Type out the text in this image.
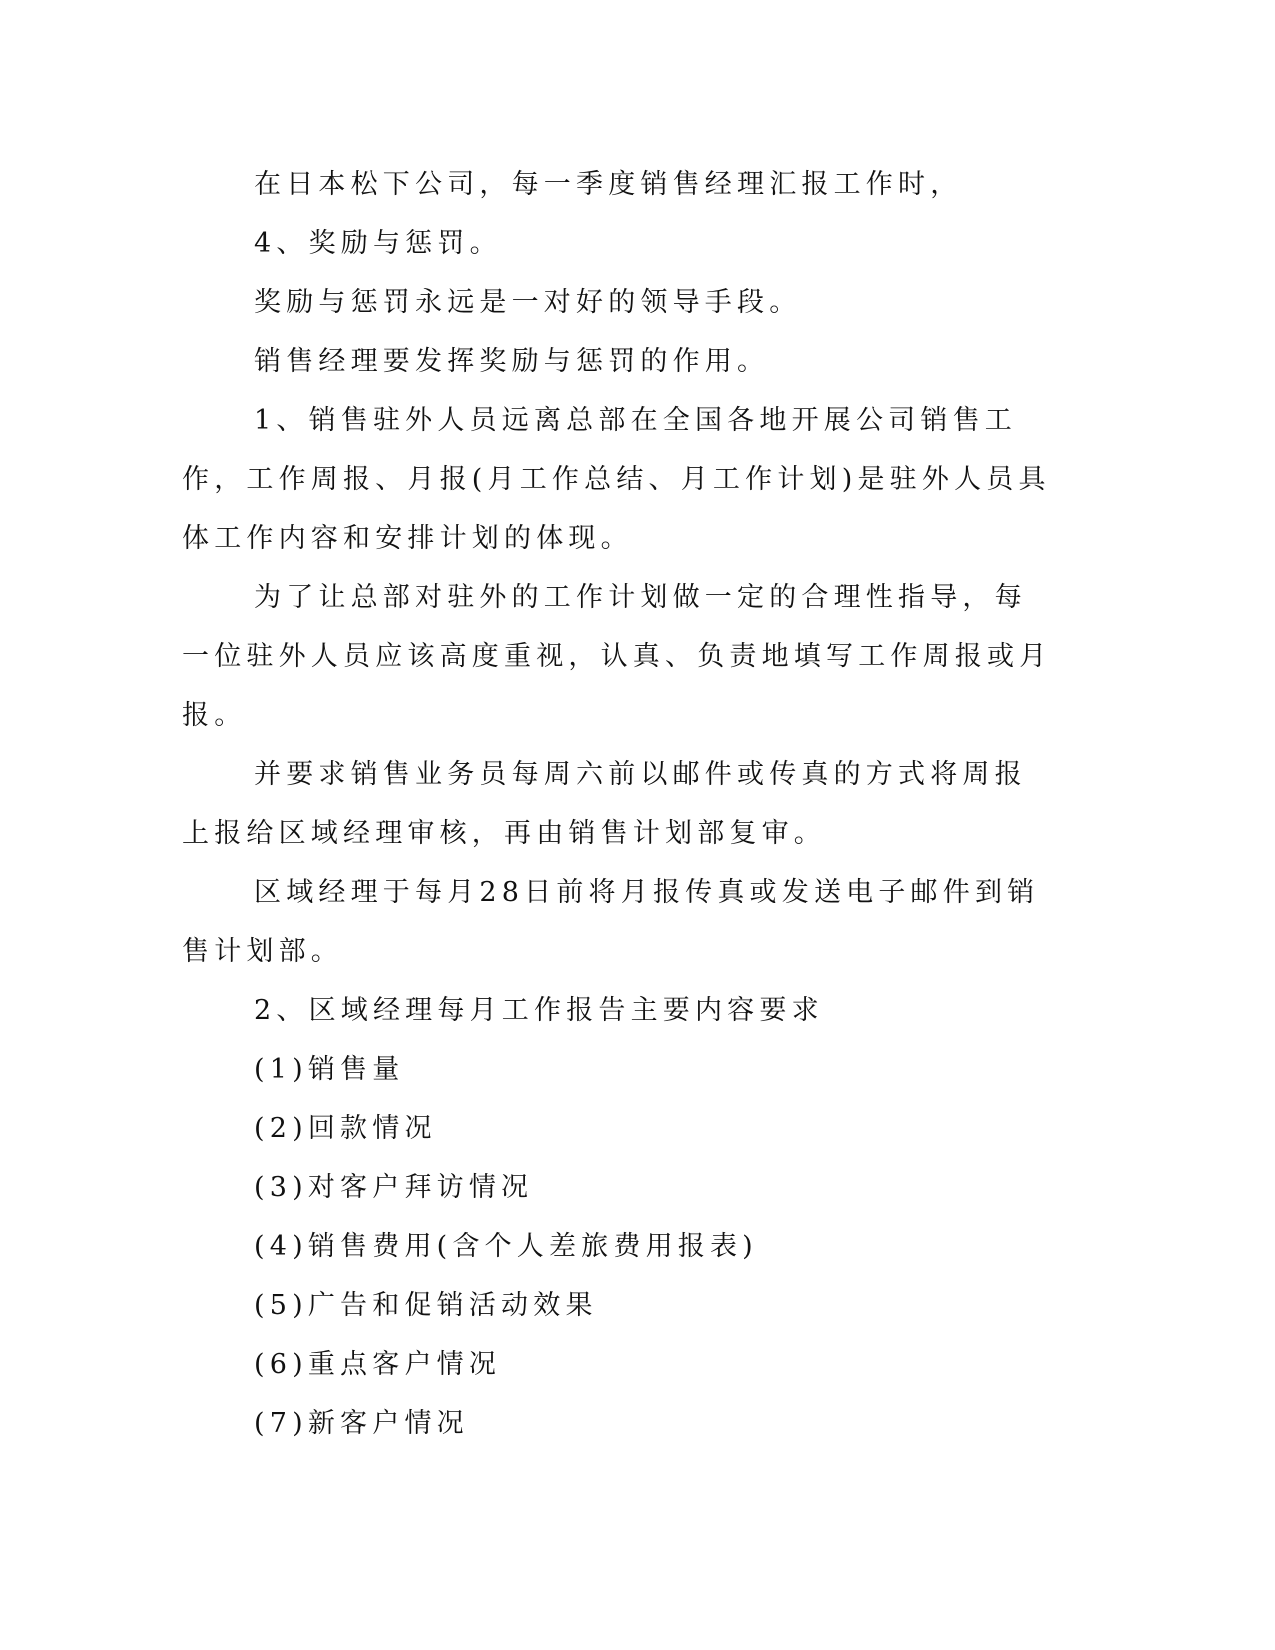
在日本松下公司，每一季度销售经理汇报工作时，

4、奖励与惩罚。

奖励与惩罚永远是一对好的领导手段。

销售经理要发挥奖励与惩罚的作用。

1、销售驻外人员远离总部在全国各地开展公司销售工作，工作周报、月报(月工作总结、月工作计划)是驻外人员具体工作内容和安排计划的体现。

为了让总部对驻外的工作计划做一定的合理性指导，每一位驻外人员应该高度重视，认真、负责地填写工作周报或月报。

并要求销售业务员每周六前以邮件或传真的方式将周报上报给区域经理审核，再由销售计划部复审。

区域经理于每月28日前将月报传真或发送电子邮件到销售计划部。

2、区域经理每月工作报告主要内容要求

(1)销售量

(2)回款情况

(3)对客户拜访情况

(4)销售费用(含个人差旅费用报表)

(5)广告和促销活动效果

(6)重点客户情况

(7)新客户情况
